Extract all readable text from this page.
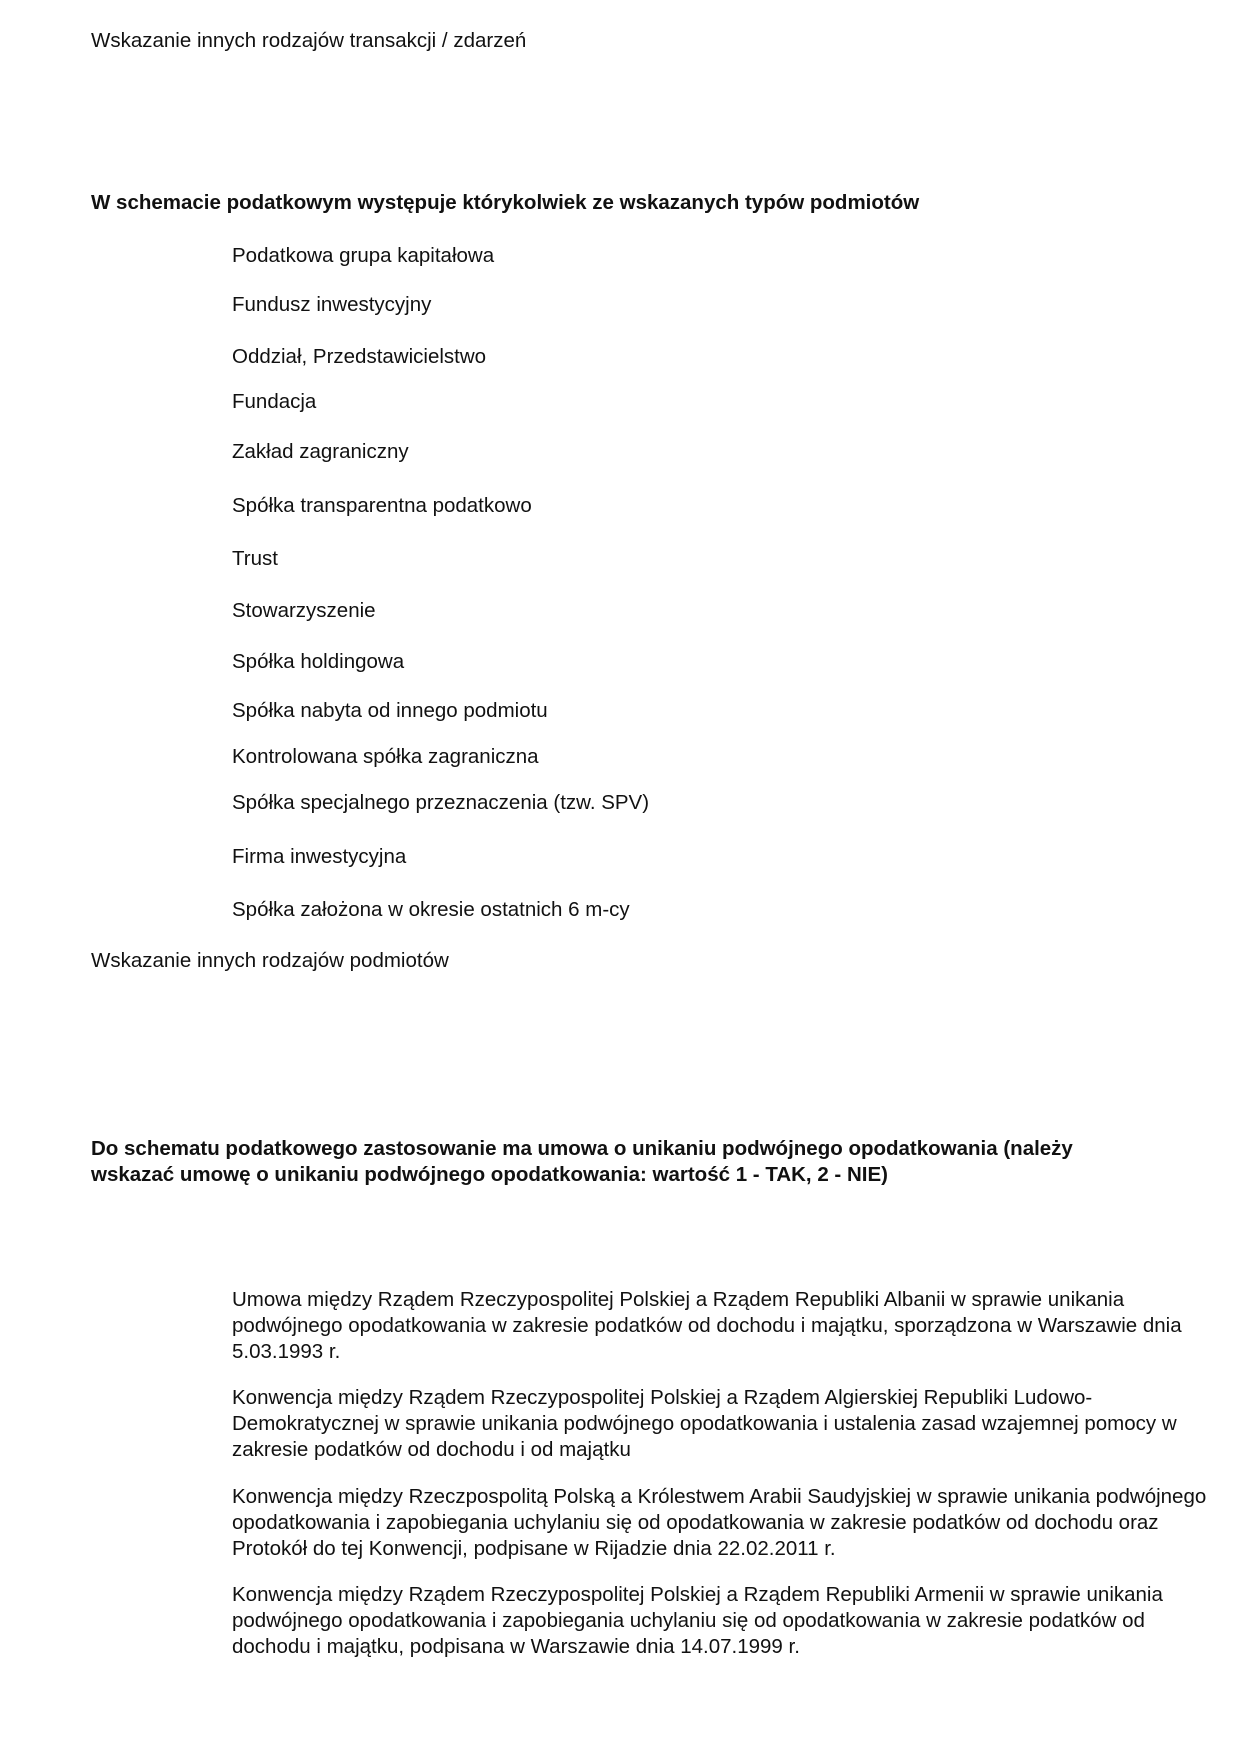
Wskazanie innych rodzajów transakcji / zdarzeń
W schemacie podatkowym występuje którykolwiek ze wskazanych typów podmiotów
Podatkowa grupa kapitałowa
Fundusz inwestycyjny
Oddział, Przedstawicielstwo
Fundacja
Zakład zagraniczny
Spółka transparentna podatkowo
Trust
Stowarzyszenie
Spółka holdingowa
Spółka nabyta od innego podmiotu
Kontrolowana spółka zagraniczna
Spółka specjalnego przeznaczenia (tzw. SPV)
Firma inwestycyjna
Spółka założona w okresie ostatnich 6 m-cy
Wskazanie innych rodzajów podmiotów
Do schematu podatkowego zastosowanie ma umowa o unikaniu podwójnego opodatkowania (należy
wskazać umowę o unikaniu podwójnego opodatkowania: wartość 1 - TAK, 2 - NIE)
Umowa między Rządem Rzeczypospolitej Polskiej a Rządem Republiki Albanii w sprawie unikania
podwójnego opodatkowania w zakresie podatków od dochodu i majątku, sporządzona w Warszawie dnia
5.03.1993 r.
Konwencja między Rządem Rzeczypospolitej Polskiej a Rządem Algierskiej Republiki Ludowo-
Demokratycznej w sprawie unikania podwójnego opodatkowania i ustalenia zasad wzajemnej pomocy w
zakresie podatków od dochodu i od majątku
Konwencja między Rzeczpospolitą Polską a Królestwem Arabii Saudyjskiej w sprawie unikania podwójnego
opodatkowania i zapobiegania uchylaniu się od opodatkowania w zakresie podatków od dochodu oraz
Protokół do tej Konwencji, podpisane w Rijadzie dnia 22.02.2011 r.
Konwencja między Rządem Rzeczypospolitej Polskiej a Rządem Republiki Armenii w sprawie unikania
podwójnego opodatkowania i zapobiegania uchylaniu się od opodatkowania w zakresie podatków od
dochodu i majątku, podpisana w Warszawie dnia 14.07.1999 r.
